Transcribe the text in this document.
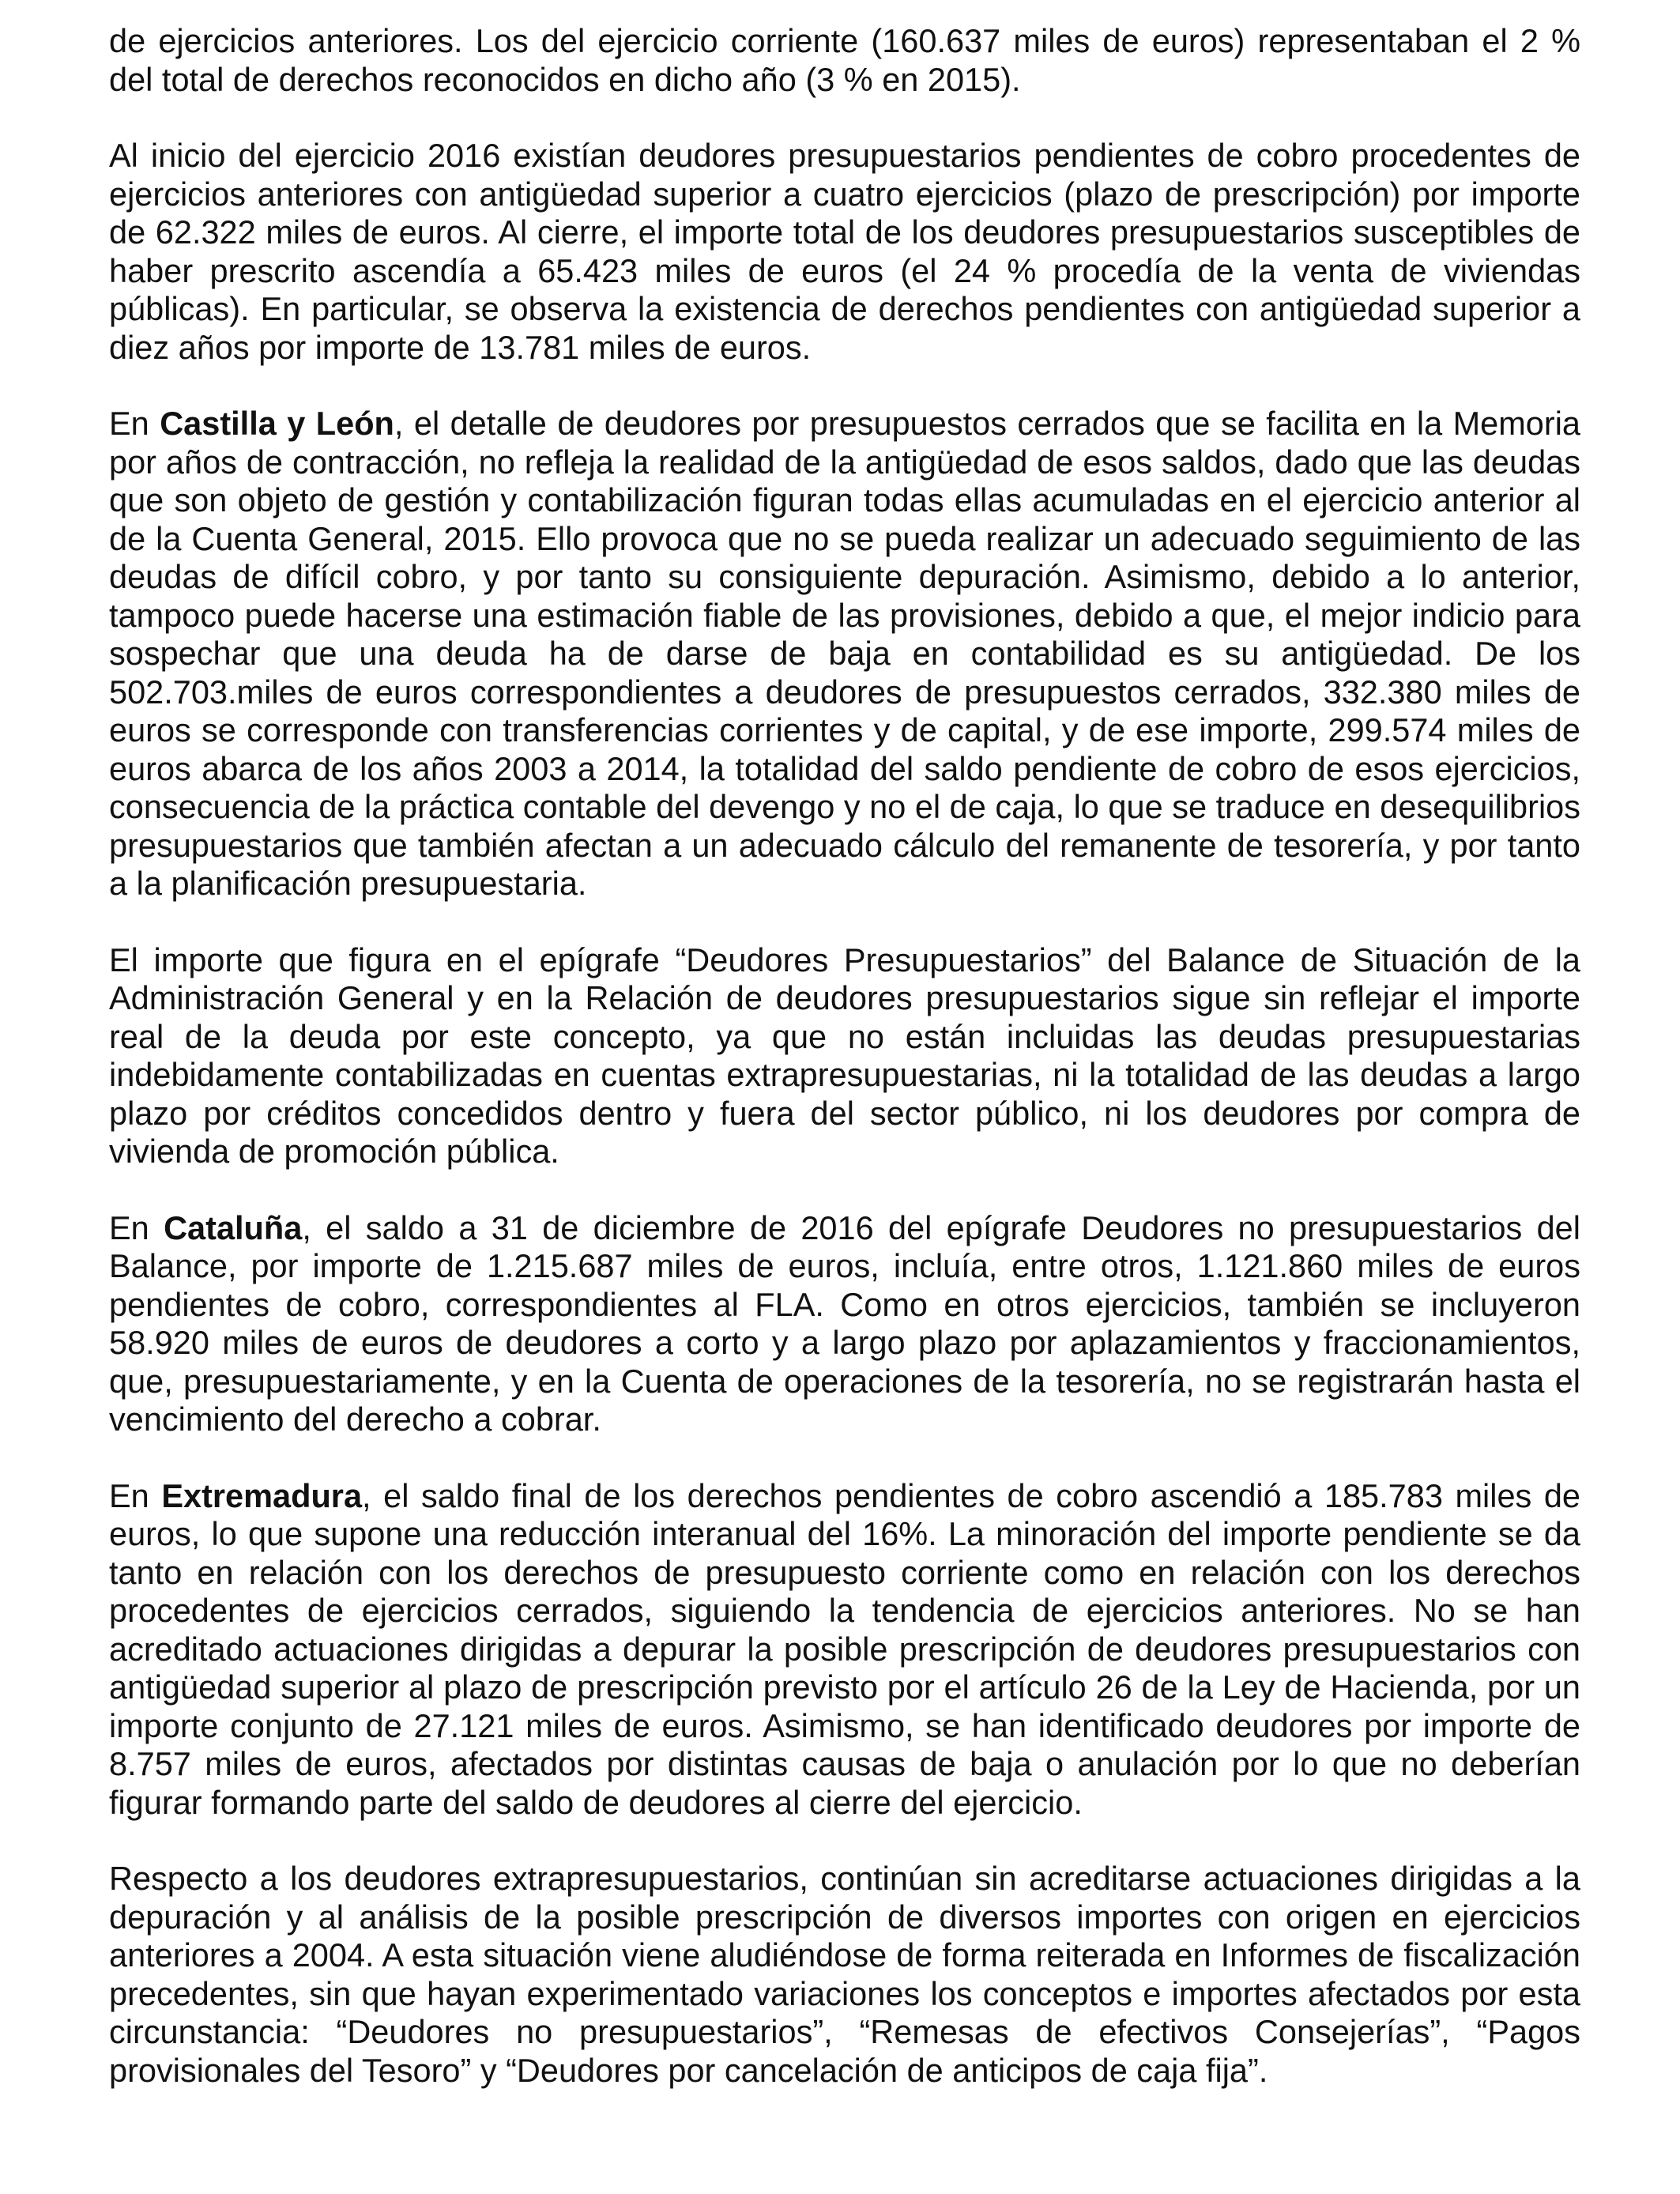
de ejercicios anteriores. Los del ejercicio corriente (160.637 miles de euros) representaban el 2 % del total de derechos reconocidos en dicho año (3 % en 2015).

Al inicio del ejercicio 2016 existían deudores presupuestarios pendientes de cobro procedentes de ejercicios anteriores con antigüedad superior a cuatro ejercicios (plazo de prescripción) por importe de 62.322 miles de euros. Al cierre, el importe total de los deudores presupuestarios susceptibles de haber prescrito ascendía a 65.423 miles de euros (el 24 % procedía de la venta de viviendas públicas). En particular, se observa la existencia de derechos pendientes con antigüedad superior a diez años por importe de 13.781 miles de euros.

En Castilla y León, el detalle de deudores por presupuestos cerrados que se facilita en la Memoria por años de contracción, no refleja la realidad de la antigüedad de esos saldos, dado que las deudas que son objeto de gestión y contabilización figuran todas ellas acumuladas en el ejercicio anterior al de la Cuenta General, 2015. Ello provoca que no se pueda realizar un adecuado seguimiento de las deudas de difícil cobro, y por tanto su consiguiente depuración. Asimismo, debido a lo anterior, tampoco puede hacerse una estimación fiable de las provisiones, debido a que, el mejor indicio para sospechar que una deuda ha de darse de baja en contabilidad es su antigüedad. De los 502.703.miles de euros correspondientes a deudores de presupuestos cerrados, 332.380 miles de euros se corresponde con transferencias corrientes y de capital, y de ese importe, 299.574 miles de euros abarca de los años 2003 a 2014, la totalidad del saldo pendiente de cobro de esos ejercicios, consecuencia de la práctica contable del devengo y no el de caja, lo que se traduce en desequilibrios presupuestarios que también afectan a un adecuado cálculo del remanente de tesorería, y por tanto a la planificación presupuestaria.

El importe que figura en el epígrafe “Deudores Presupuestarios” del Balance de Situación de la Administración General y en la Relación de deudores presupuestarios sigue sin reflejar el importe real de la deuda por este concepto, ya que no están incluidas las deudas presupuestarias indebidamente contabilizadas en cuentas extrapresupuestarias, ni la totalidad de las deudas a largo plazo por créditos concedidos dentro y fuera del sector público, ni los deudores por compra de vivienda de promoción pública.

En Cataluña, el saldo a 31 de diciembre de 2016 del epígrafe Deudores no presupuestarios del Balance, por importe de 1.215.687 miles de euros, incluía, entre otros, 1.121.860 miles de euros pendientes de cobro, correspondientes al FLA. Como en otros ejercicios, también se incluyeron 58.920 miles de euros de deudores a corto y a largo plazo por aplazamientos y fraccionamientos, que, presupuestariamente, y en la Cuenta de operaciones de la tesorería, no se registrarán hasta el vencimiento del derecho a cobrar.

En Extremadura, el saldo final de los derechos pendientes de cobro ascendió a 185.783 miles de euros, lo que supone una reducción interanual del 16%. La minoración del importe pendiente se da tanto en relación con los derechos de presupuesto corriente como en relación con los derechos procedentes de ejercicios cerrados, siguiendo la tendencia de ejercicios anteriores. No se han acreditado actuaciones dirigidas a depurar la posible prescripción de deudores presupuestarios con antigüedad superior al plazo de prescripción previsto por el artículo 26 de la Ley de Hacienda, por un importe conjunto de 27.121 miles de euros. Asimismo, se han identificado deudores por importe de 8.757 miles de euros, afectados por distintas causas de baja o anulación por lo que no deberían figurar formando parte del saldo de deudores al cierre del ejercicio.

Respecto a los deudores extrapresupuestarios, continúan sin acreditarse actuaciones dirigidas a la depuración y al análisis de la posible prescripción de diversos importes con origen en ejercicios anteriores a 2004. A esta situación viene aludiéndose de forma reiterada en Informes de fiscalización precedentes, sin que hayan experimentado variaciones los conceptos e importes afectados por esta circunstancia: “Deudores no presupuestarios”, “Remesas de efectivos Consejerías”, “Pagos provisionales del Tesoro” y “Deudores por cancelación de anticipos de caja fija”.
